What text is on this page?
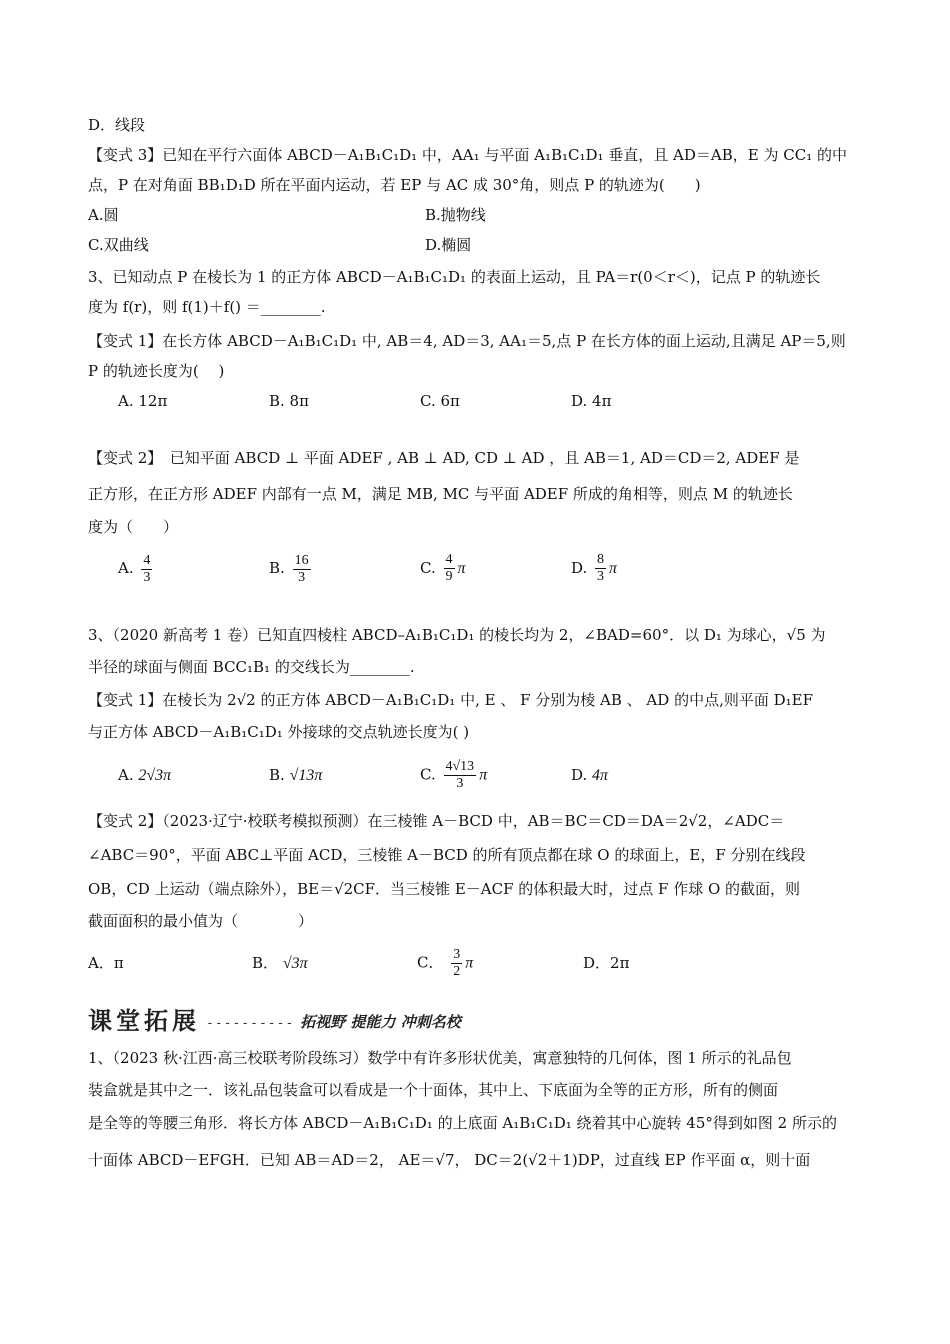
D．线段
【变式 3】已知在平行六面体 ABCD－A₁B₁C₁D₁ 中，AA₁ 与平面 A₁B₁C₁D₁ 垂直，且 AD＝AB，E 为 CC₁ 的中
点，P 在对角面 BB₁D₁D 所在平面内运动，若 EP 与 AC 成 30°角，则点 P 的轨迹为(　　)
A.圆	B.抛物线
C.双曲线	D.椭圆
3、已知动点 P 在棱长为 1 的正方体 ABCD－A₁B₁C₁D₁ 的表面上运动，且 PA＝r(0＜r＜)，记点 P 的轨迹长
度为 f(r)，则 f(1)＋f() ＝________.
【变式 1】在长方体 ABCD－A₁B₁C₁D₁ 中, AB＝4, AD＝3, AA₁＝5,点 P 在长方体的面上运动,且满足 AP＝5,则
P 的轨迹长度为(　 )
A. 12π	B. 8π	C. 6π	D. 4π
【变式 2】　已知平面 ABCD ⊥ 平面 ADEF , AB ⊥ AD, CD ⊥ AD ，且 AB＝1, AD＝CD＝2, ADEF 是
正方形，在正方形 ADEF 内部有一点 M，满足 MB, MC 与平面 ADEF 所成的角相等，则点 M 的轨迹长
度为（　　）
A. $\frac{4}{3}$	B. $\frac{16}{3}$	C. $\frac{4}{9}$ π	D. $\frac{8}{3}$ π
3、（2020 新高考 1 卷）已知直四棱柱 ABCD–A₁B₁C₁D₁ 的棱长均为 2，∠BAD=60°．以 D₁ 为球心，√5 为
半径的球面与侧面 BCC₁B₁ 的交线长为________.
【变式 1】在棱长为 2√2 的正方体 ABCD－A₁B₁C₁D₁ 中, E 、 F 分别为棱 AB 、 AD 的中点,则平面 D₁EF
与正方体 ABCD－A₁B₁C₁D₁ 外接球的交点轨迹长度为( )
A. 2√3π	B. √13π	C. $\frac{4√13}{3}$ π	D. 4π
【变式 2】（2023·辽宁·校联考模拟预测）在三棱锥 A－BCD 中，AB＝BC＝CD＝DA＝2√2，∠ADC＝
∠ABC＝90°，平面 ABC⊥平面 ACD，三棱锥 A－BCD 的所有顶点都在球 O 的球面上，E，F 分别在线段
OB，CD 上运动（端点除外），BE＝√2CF．当三棱锥 E－ACF 的体积最大时，过点 F 作球 O 的截面，则
截面面积的最小值为（　　　　）
A．π	B． √3π	C． $\frac{3}{2}$ π	D．2π
课堂拓展 ---------- 拓视野 提能力 冲刺名校
1、（2023 秋·江西·高三校联考阶段练习）数学中有许多形状优美，寓意独特的几何体，图 1 所示的礼品包
装盒就是其中之一．该礼品包装盒可以看成是一个十面体，其中上、下底面为全等的正方形，所有的侧面
是全等的等腰三角形．将长方体 ABCD－A₁B₁C₁D₁ 的上底面 A₁B₁C₁D₁ 绕着其中心旋转 45°得到如图 2 所示的
十面体 ABCD－EFGH．已知 AB＝AD＝2， AE＝√7， DC＝2(√2＋1)DP，过直线 EP 作平面 α，则十面
